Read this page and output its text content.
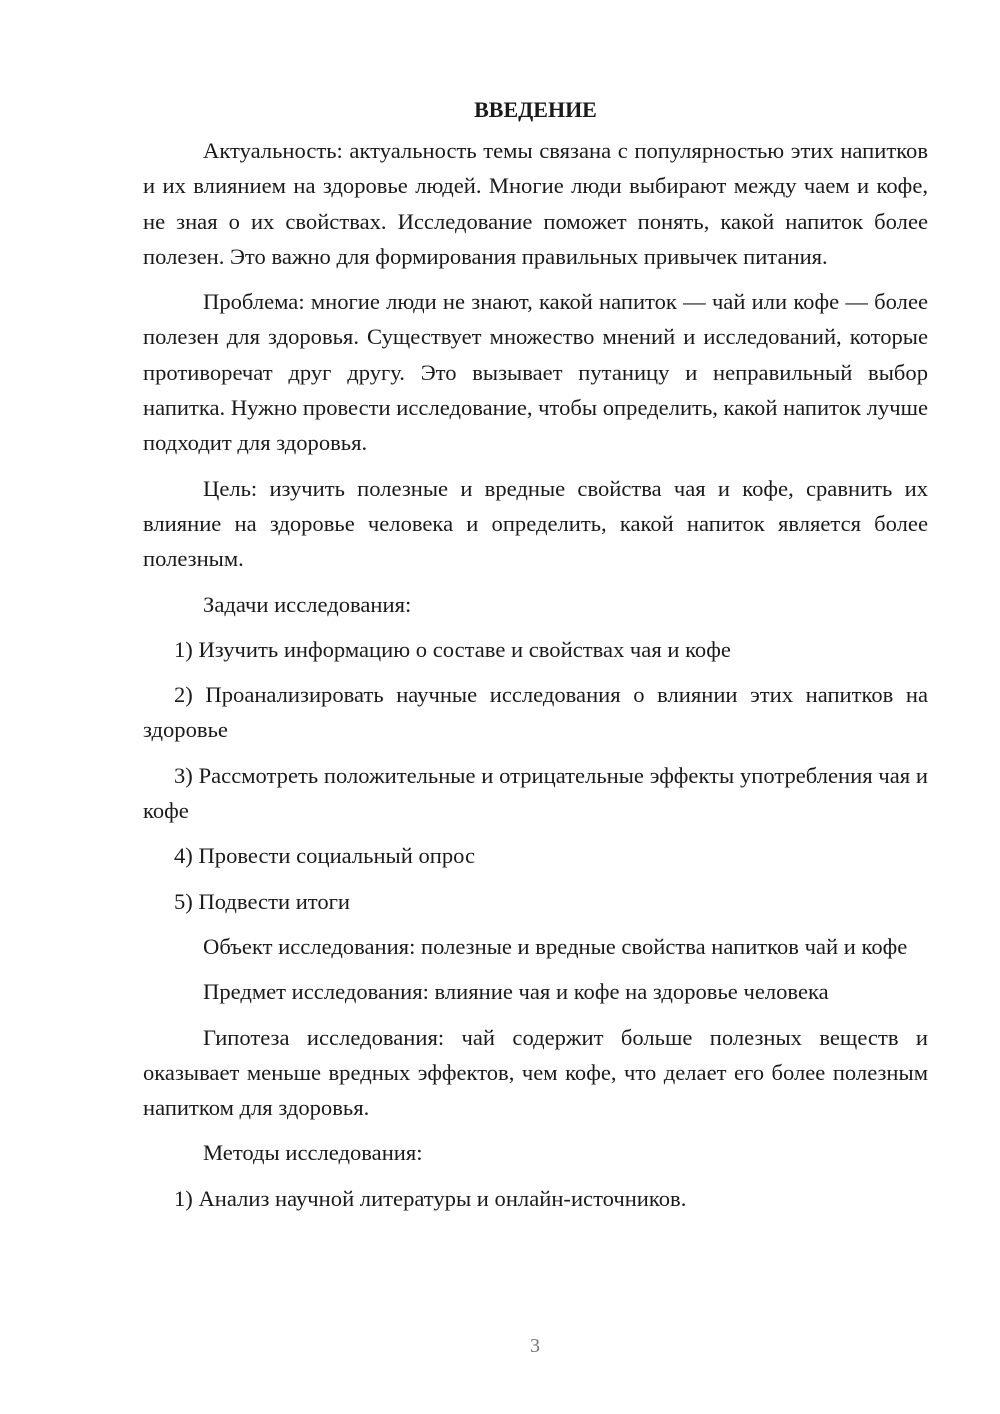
ВВЕДЕНИЕ
Актуальность: актуальность темы связана с популярностью этих напитков и их влиянием на здоровье людей. Многие люди выбирают между чаем и кофе, не зная о их свойствах. Исследование поможет понять, какой напиток более полезен. Это важно для формирования правильных привычек питания.
Проблема: многие люди не знают, какой напиток — чай или кофе — более полезен для здоровья. Существует множество мнений и исследований, которые противоречат друг другу. Это вызывает путаницу и неправильный выбор напитка. Нужно провести исследование, чтобы определить, какой напиток лучше подходит для здоровья.
Цель: изучить полезные и вредные свойства чая и кофе, сравнить их влияние на здоровье человека и определить, какой напиток является более полезным.
Задачи исследования:
1) Изучить информацию о составе и свойствах чая и кофе
2) Проанализировать научные исследования о влиянии этих напитков на здоровье
3) Рассмотреть положительные и отрицательные эффекты употребления чая и кофе
4) Провести социальный опрос
5) Подвести итоги
Объект исследования: полезные и вредные свойства напитков чай и кофе
Предмет исследования: влияние чая и кофе на здоровье человека
Гипотеза исследования: чай содержит больше полезных веществ и оказывает меньше вредных эффектов, чем кофе, что делает его более полезным напитком для здоровья.
Методы исследования:
1) Анализ научной литературы и онлайн-источников.
3
